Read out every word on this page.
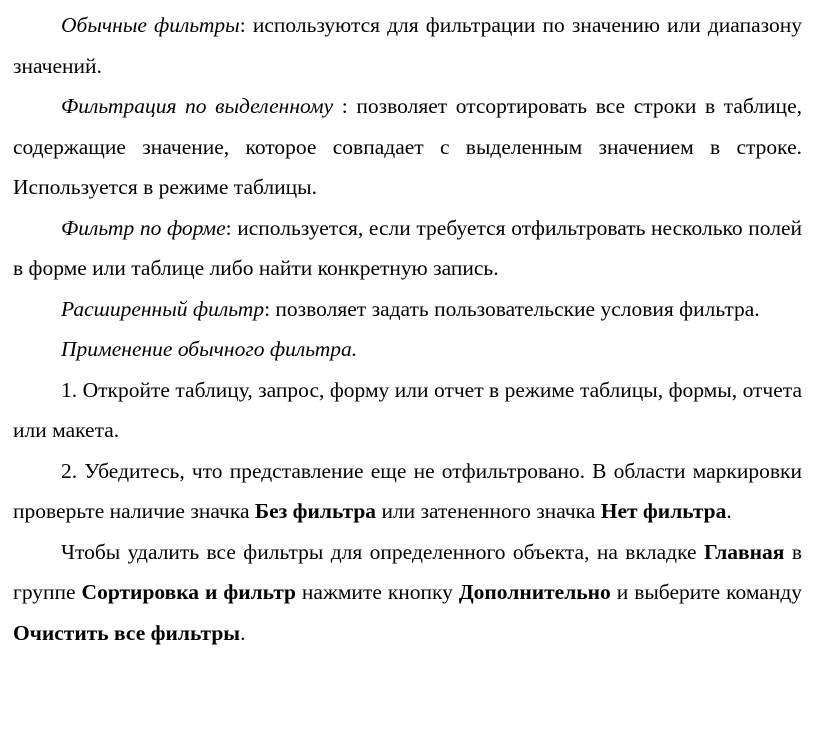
Обычные фильтры: используются для фильтрации по значению или диапазону значений.

Фильтрация по выделенному : позволяет отсортировать все строки в таблице, содержащие значение, которое совпадает с выделенным значением в строке. Используется в режиме таблицы.

Фильтр по форме: используется, если требуется отфильтровать несколько полей в форме или таблице либо найти конкретную запись.

Расширенный фильтр: позволяет задать пользовательские условия фильтра.

Применение обычного фильтра.

1. Откройте таблицу, запрос, форму или отчет в режиме таблицы, формы, отчета или макета.

2. Убедитесь, что представление еще не отфильтровано. В области маркировки проверьте наличие значка Без фильтра или затененного значка Нет фильтра.

Чтобы удалить все фильтры для определенного объекта, на вкладке Главная в группе Сортировка и фильтр нажмите кнопку Дополнительно и выберите команду Очистить все фильтры.
